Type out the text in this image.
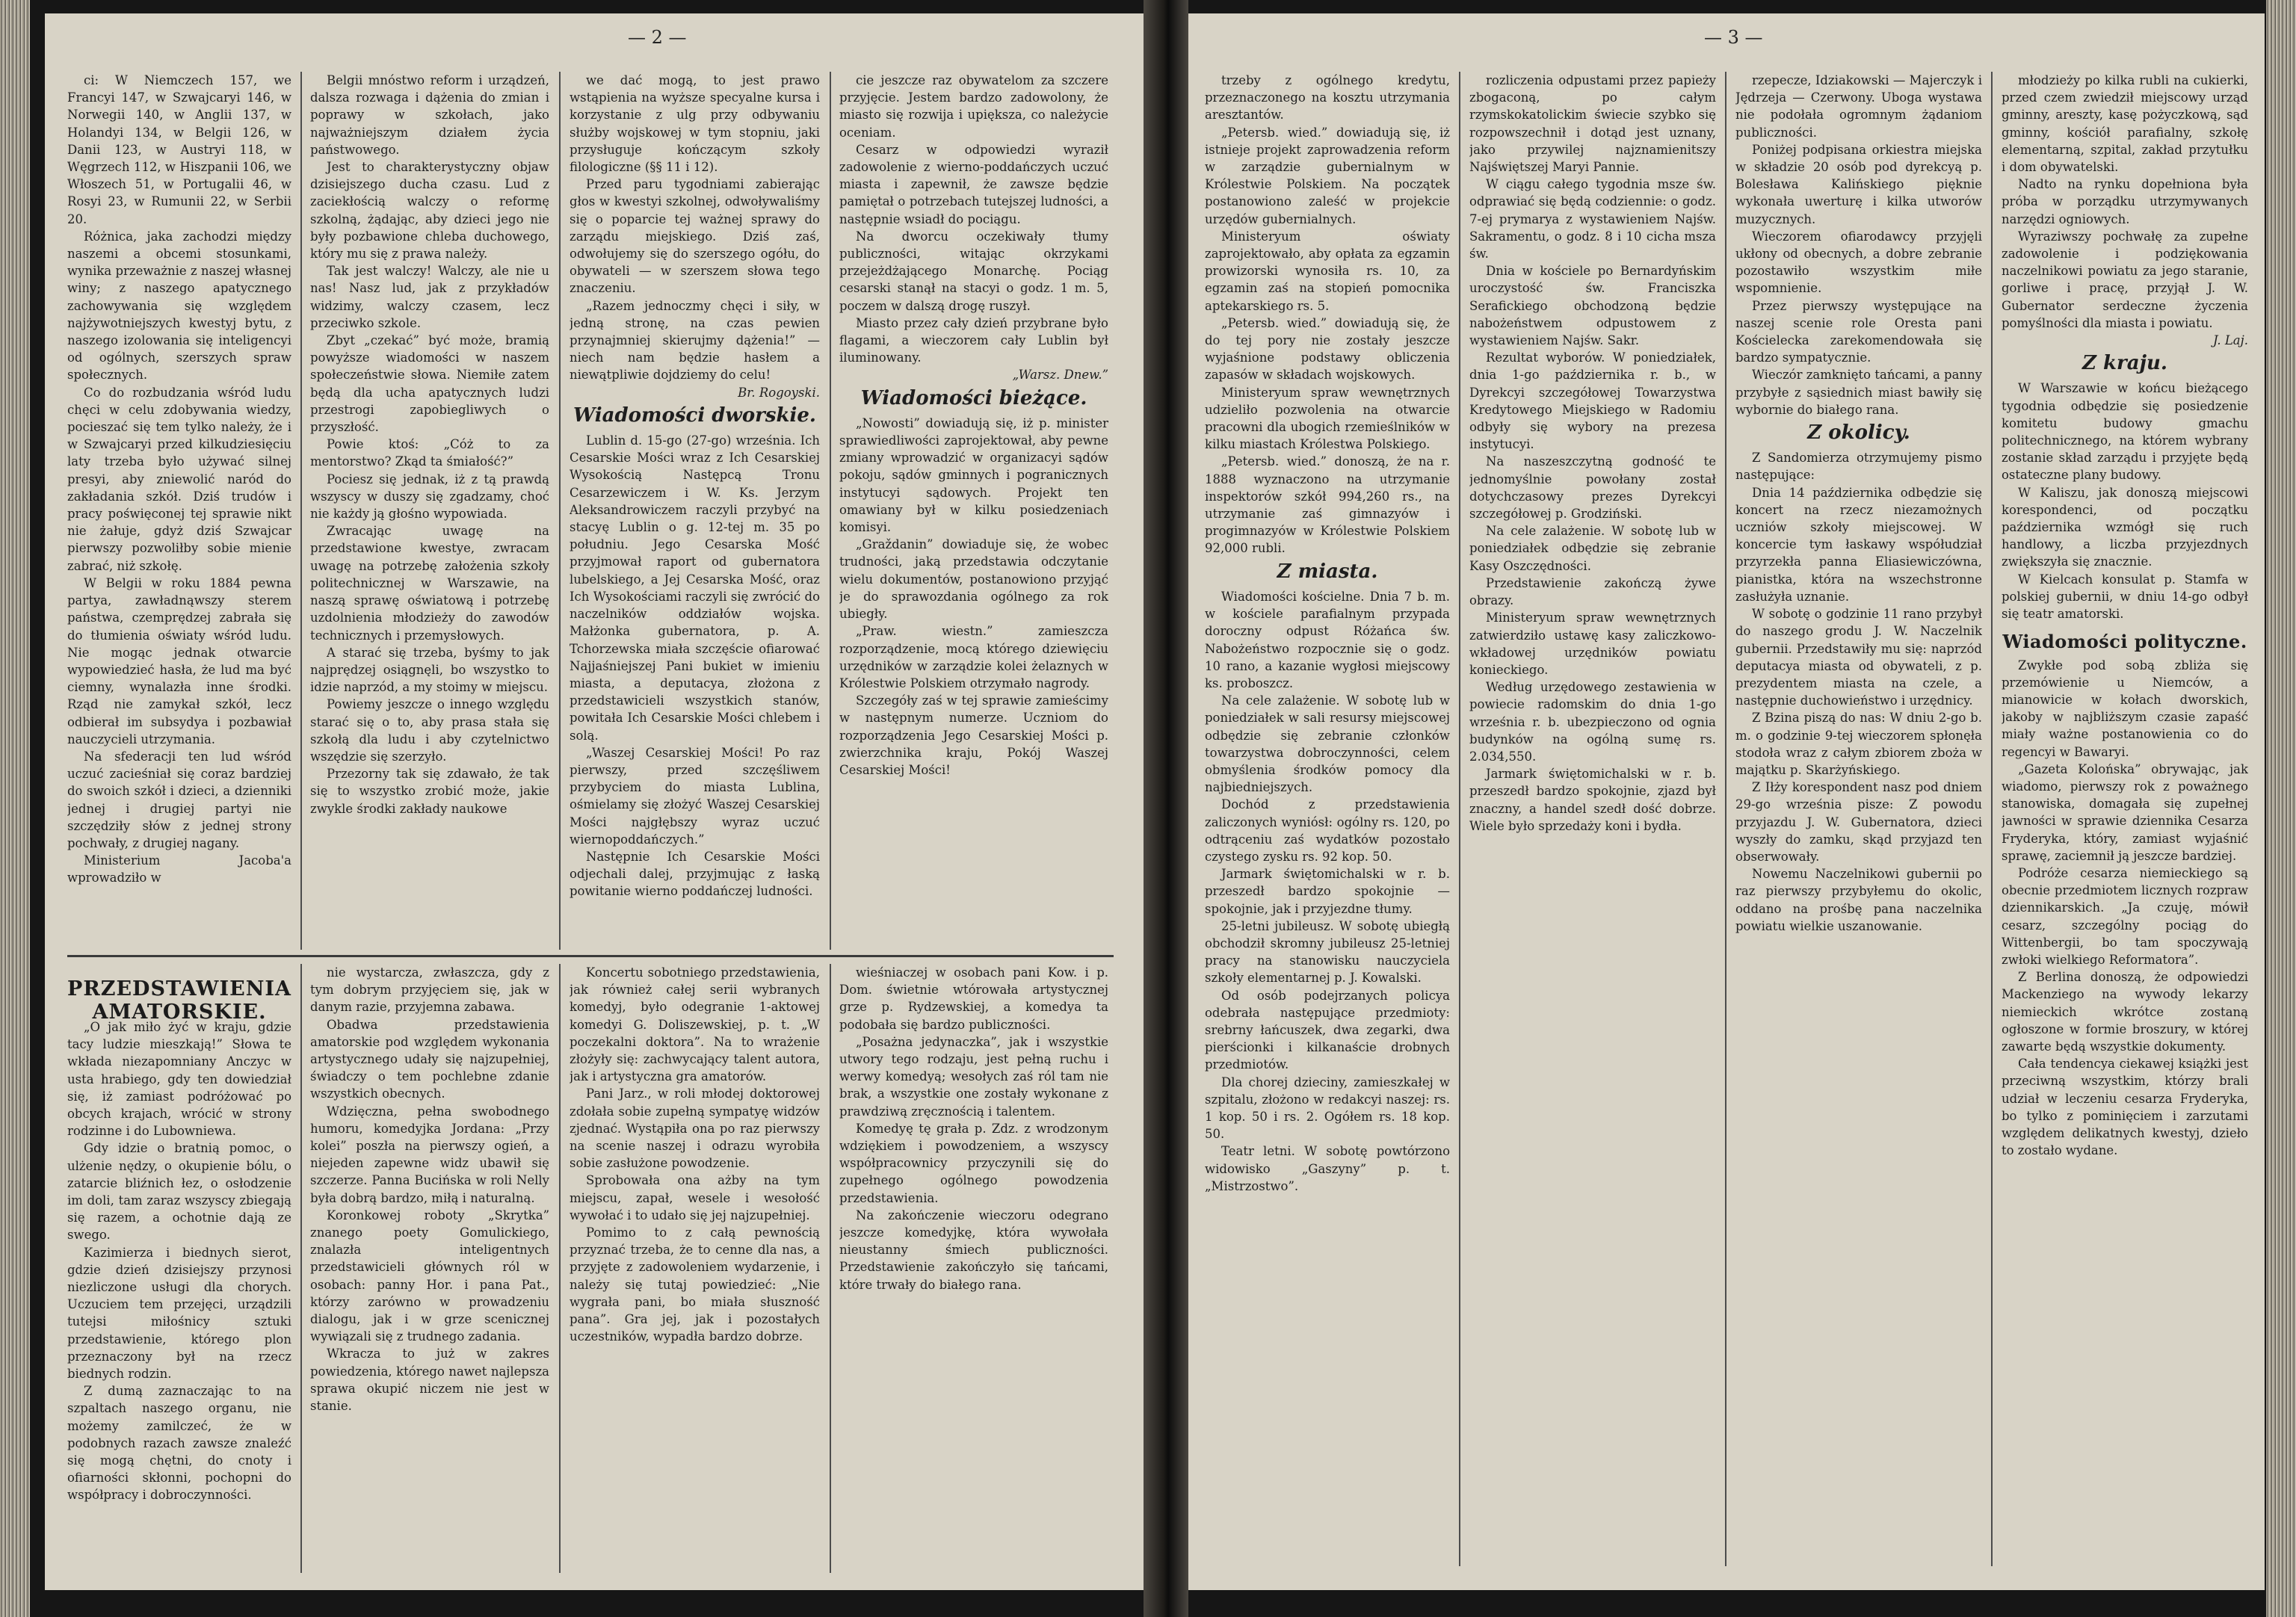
— 2 —

ci: W Niemczech 157, we Francyi 147, w Szwajcaryi 146, w Norwegii 140, w Anglii 137, w Holandyi 134, w Belgii 126, w Danii 123, w Austryi 118, w Węgrzech 112, w Hiszpanii 106, we Włoszech 51, w Portugalii 46, w Rosyi 23, w Rumunii 22, w Serbii 20.

Różnica, jaka zachodzi między naszemi a obcemi stosunkami, wynika przeważnie z naszej własnej winy; z naszego apatycznego zachowywania się względem najżywotniejszych kwestyj bytu, z naszego izolowania się inteligencyi od ogólnych, szerszych spraw społecznych.

Co do rozbudzania wśród ludu chęci w celu zdobywania wiedzy, pocieszać się tem tylko należy, że i w Szwajcaryi przed kilkudziesięciu laty trzeba było używać silnej presyi, aby zniewolić naród do zakładania szkół. Dziś trudów i pracy poświęconej tej sprawie nikt nie żałuje, gdyż dziś Szwajcar pierwszy pozwoliłby sobie mienie zabrać, niż szkołę.

W Belgii w roku 1884 pewna partya, zawładnąwszy sterem państwa, czemprędzej zabrała się do tłumienia oświaty wśród ludu. Nie mogąc jednak otwarcie wypowiedzieć hasła, że lud ma być ciemny, wynalazła inne środki. Rząd nie zamykał szkół, lecz odbierał im subsydya i pozbawiał nauczycieli utrzymania.

Na sfederacji ten lud wśród uczuć zacieśniał się coraz bardziej do swoich szkół i dzieci, a dzienniki jednej i drugiej partyi nie szczędziły słów z jednej strony pochwały, z drugiej nagany.

Ministerium Jacoba'a wprowadziło w

Belgii mnóstwo reform i urządzeń, dalsza rozwaga i dążenia do zmian i poprawy w szkołach, jako najważniejszym działem życia państwowego.

Jest to charakterystyczny objaw dzisiejszego ducha czasu. Lud z zaciekłością walczy o reformę szkolną, żądając, aby dzieci jego nie były pozbawione chleba duchowego, który mu się z prawa należy.

Tak jest walczy! Walczy, ale nie u nas! Nasz lud, jak z przykładów widzimy, walczy czasem, lecz przeciwko szkole.

Zbyt „czekać” być może, bramią powyższe wiadomości w naszem społeczeństwie słowa. Niemiłe zatem będą dla ucha apatycznych ludzi przestrogi zapobiegliwych o przyszłość.

Powie ktoś: „Cóż to za mentorstwo? Zkąd ta śmiałość?”

Pociesz się jednak, iż z tą prawdą wszyscy w duszy się zgadzamy, choć nie każdy ją głośno wypowiada.

Zwracając uwagę na przedstawione kwestye, zwracam uwagę na potrzebę założenia szkoły politechnicznej w Warszawie, na naszą sprawę oświatową i potrzebę uzdolnienia młodzieży do zawodów technicznych i przemysłowych.

A starać się trzeba, byśmy to jak najprędzej osiągnęli, bo wszystko to idzie naprzód, a my stoimy w miejscu.

Powiemy jeszcze o innego względu starać się o to, aby prasa stała się szkołą dla ludu i aby czytelnictwo wszędzie się szerzyło.

Przezorny tak się zdawało, że tak się to wszystko zrobić może, jakie zwykle środki zakłady naukowe

we dać mogą, to jest prawo wstąpienia na wyższe specyalne kursa i korzystanie z ulg przy odbywaniu służby wojskowej w tym stopniu, jaki przysługuje kończącym szkoły filologiczne (§§ 11 i 12).

Przed paru tygodniami zabierając głos w kwestyi szkolnej, odwoływaliśmy się o poparcie tej ważnej sprawy do zarządu miejskiego. Dziś zaś, odwołujemy się do szerszego ogółu, do obywateli — w szerszem słowa tego znaczeniu.

„Razem jednoczmy chęci i siły, w jedną stronę, na czas pewien przynajmniej skierujmy dążenia!” — niech nam będzie hasłem a niewątpliwie dojdziemy do celu!

Br. Rogoyski.

Wiadomości dworskie.

Lublin d. 15-go (27-go) września. Ich Cesarskie Mości wraz z Ich Cesarskiej Wysokością Następcą Tronu Cesarzewiczem i W. Ks. Jerzym Aleksandrowiczem raczyli przybyć na stacyę Lublin o g. 12-tej m. 35 po południu. Jego Cesarska Mość przyjmował raport od gubernatora lubelskiego, a Jej Cesarska Mość, oraz Ich Wysokościami raczyli się zwrócić do naczelników oddziałów wojska. Małżonka gubernatora, p. A. Tchorzewska miała szczęście ofiarować Najjaśniejszej Pani bukiet w imieniu miasta, a deputacya, złożona z przedstawicieli wszystkich stanów, powitała Ich Cesarskie Mości chlebem i solą.

„Waszej Cesarskiej Mości! Po raz pierwszy, przed szczęśliwem przybyciem do miasta Lublina, ośmielamy się złożyć Waszej Cesarskiej Mości najgłębszy wyraz uczuć wiernopoddańczych.”

Następnie Ich Cesarskie Mości odjechali dalej, przyjmując z łaską powitanie wierno poddańczej ludności.

cie jeszcze raz obywatelom za szczere przyjęcie. Jestem bardzo zadowolony, że miasto się rozwija i upiększa, co należycie oceniam.

Cesarz w odpowiedzi wyraził zadowolenie z wierno-poddańczych uczuć miasta i zapewnił, że zawsze będzie pamiętał o potrzebach tutejszej ludności, a następnie wsiadł do pociągu.

Na dworcu oczekiwały tłumy publiczności, witając okrzykami przejeżdżającego Monarchę. Pociąg cesarski stanął na stacyi o godz. 1 m. 5, poczem w dalszą drogę ruszył.

Miasto przez cały dzień przybrane było flagami, a wieczorem cały Lublin był iluminowany.

„Warsz. Dnew.”

Wiadomości bieżące.

„Nowosti” dowiadują się, iż p. minister sprawiedliwości zaprojektował, aby pewne zmiany wprowadzić w organizacyi sądów pokoju, sądów gminnych i pogranicznych instytucyi sądowych. Projekt ten omawiany był w kilku posiedzeniach komisyi.

„Graždanin” dowiaduje się, że wobec trudności, jaką przedstawia odczytanie wielu dokumentów, postanowiono przyjąć je do sprawozdania ogólnego za rok ubiegły.

„Praw. wiestn.” zamieszcza rozporządzenie, mocą którego dziewięciu urzędników w zarządzie kolei żelaznych w Królestwie Polskiem otrzymało nagrody.

Szczegóły zaś w tej sprawie zamieścimy w następnym numerze. Uczniom do rozporządzenia Jego Cesarskiej Mości p. zwierzchnika kraju, Pokój Waszej Cesarskiej Mości!

PRZEDSTAWIENIA AMATORSKIE.

„O jak miło żyć w kraju, gdzie tacy ludzie mieszkają!” Słowa te wkłada niezapomniany Anczyc w usta hrabiego, gdy ten dowiedział się, iż zamiast podróżować po obcych krajach, wrócić w strony rodzinne i do Lubowniewa.

Gdy idzie o bratnią pomoc, o ulżenie nędzy, o okupienie bólu, o zatarcie bliźnich łez, o osłodzenie im doli, tam zaraz wszyscy zbiegają się razem, a ochotnie dają ze swego.

Kazimierza i biednych sierot, gdzie dzień dzisiejszy przynosi niezliczone usługi dla chorych. Uczuciem tem przejęci, urządzili tutejsi miłośnicy sztuki przedstawienie, którego plon przeznaczony był na rzecz biednych rodzin.

Z dumą zaznaczając to na szpaltach naszego organu, nie możemy zamilczeć, że w podobnych razach zawsze znaleźć się mogą chętni, do cnoty i ofiarności skłonni, pochopni do współpracy i dobroczynności.

nie wystarcza, zwłaszcza, gdy z tym dobrym przyjęciem się, jak w danym razie, przyjemna zabawa.

Obadwa przedstawienia amatorskie pod względem wykonania artystycznego udały się najzupełniej, świadczy o tem pochlebne zdanie wszystkich obecnych.

Wdzięczna, pełna swobodnego humoru, komedyjka Jordana: „Przy kolei” poszła na pierwszy ogień, a niejeden zapewne widz ubawił się szczerze. Panna Bucińska w roli Nelly była dobrą bardzo, miłą i naturalną.

Koronkowej roboty „Skrytka” znanego poety Gomulickiego, znalazła inteligentnych przedstawicieli głównych ról w osobach: panny Hor. i pana Pat., którzy zarówno w prowadzeniu dialogu, jak i w grze scenicznej wywiązali się z trudnego zadania.

Wkracza to już w zakres powiedzenia, którego nawet najlepsza sprawa okupić niczem nie jest w stanie.

Koncertu sobotniego przedstawienia, jak również całej serii wybranych komedyj, było odegranie 1-aktowej komedyi G. Doliszewskiej, p. t. „W poczekalni doktora”. Na to wrażenie złożyły się: zachwycający talent autora, jak i artystyczna gra amatorów.

Pani Jarz., w roli młodej doktorowej zdołała sobie zupełną sympatyę widzów zjednać. Wystąpiła ona po raz pierwszy na scenie naszej i odrazu wyrobiła sobie zasłużone powodzenie.

Sprobowała ona ażby na tym miejscu, zapał, wesele i wesołość wywołać i to udało się jej najzupełniej.

Pomimo to z całą pewnością przyznać trzeba, że to cenne dla nas, a przyjęte z zadowoleniem wydarzenie, i należy się tutaj powiedzieć: „Nie wygrała pani, bo miała słuszność pana”. Gra jej, jak i pozostałych uczestników, wypadła bardzo dobrze.

wieśniaczej w osobach pani Kow. i p. Dom. świetnie wtórowała artystycznej grze p. Rydzewskiej, a komedya ta podobała się bardzo publiczności.

„Posażna jedynaczka”, jak i wszystkie utwory tego rodzaju, jest pełną ruchu i werwy komedyą; wesołych zaś ról tam nie brak, a wszystkie one zostały wykonane z prawdziwą zręcznością i talentem.

Komedyę tę grała p. Zdz. z wrodzonym wdziękiem i powodzeniem, a wszyscy współpracownicy przyczynili się do zupełnego ogólnego powodzenia przedstawienia.

Na zakończenie wieczoru odegrano jeszcze komedyjkę, która wywołała nieustanny śmiech publiczności. Przedstawienie zakończyło się tańcami, które trwały do białego rana.

— 3 —

trzeby z ogólnego kredytu, przeznaczonego na kosztu utrzymania aresztantów.

„Petersb. wied.” dowiadują się, iż istnieje projekt zaprowadzenia reform w zarządzie gubernialnym w Królestwie Polskiem. Na początek postanowiono zaleść w projekcie urzędów gubernialnych.

Ministeryum oświaty zaprojektowało, aby opłata za egzamin prowizorski wynosiła rs. 10, za egzamin zaś na stopień pomocnika aptekarskiego rs. 5.

„Petersb. wied.” dowiadują się, że do tej pory nie zostały jeszcze wyjaśnione podstawy obliczenia zapasów w składach wojskowych.

Ministeryum spraw wewnętrznych udzieliło pozwolenia na otwarcie pracowni dla ubogich rzemieślników w kilku miastach Królestwa Polskiego.

„Petersb. wied.” donoszą, że na r. 1888 wyznaczono na utrzymanie inspektorów szkół 994,260 rs., na utrzymanie zaś gimnazyów i progimnazyów w Królestwie Polskiem 92,000 rubli.

Z miasta.

Wiadomości kościelne. Dnia 7 b. m. w kościele parafialnym przypada doroczny odpust Różańca św. Nabożeństwo rozpocznie się o godz. 10 rano, a kazanie wygłosi miejscowy ks. proboszcz.

Na cele zalażenie. W sobotę lub w poniedziałek w sali resursy miejscowej odbędzie się zebranie członków towarzystwa dobroczynności, celem obmyślenia środków pomocy dla najbiedniejszych.

Dochód z przedstawienia zaliczonych wyniósł: ogólny rs. 120, po odtrąceniu zaś wydatków pozostało czystego zysku rs. 92 kop. 50.

Jarmark świętomichalski w r. b. przeszedł bardzo spokojnie — spokojnie, jak i przyjezdne tłumy.

25-letni jubileusz. W sobotę ubiegłą obchodził skromny jubileusz 25-letniej pracy na stanowisku nauczyciela szkoły elementarnej p. J. Kowalski.

Od osób podejrzanych policya odebrała następujące przedmioty: srebrny łańcuszek, dwa zegarki, dwa pierścionki i kilkanaście drobnych przedmiotów.

Dla chorej dzieciny, zamieszkałej w szpitalu, złożono w redakcyi naszej: rs. 1 kop. 50 i rs. 2. Ogółem rs. 18 kop. 50.

Teatr letni. W sobotę powtórzono widowisko „Gaszyny” p. t. „Mistrzostwo”.

rozliczenia odpustami przez papieży zbogaconą, po całym rzymskokatolickim świecie szybko się rozpowszechnił i dotąd jest uznany, jako przywilej najznamienitszy Najświętszej Maryi Pannie.

W ciągu całego tygodnia msze św. odprawiać się będą codziennie: o godz. 7-ej prymarya z wystawieniem Najśw. Sakramentu, o godz. 8 i 10 cicha msza św.

Dnia w kościele po Bernardyńskim uroczystość św. Franciszka Serafickiego obchodzoną będzie nabożeństwem odpustowem z wystawieniem Najśw. Sakr.

Rezultat wyborów. W poniedziałek, dnia 1-go października r. b., w Dyrekcyi szczegółowej Towarzystwa Kredytowego Miejskiego w Radomiu odbyły się wybory na prezesa instytucyi.

Na naszeszczytną godność te jednomyślnie powołany został dotychczasowy prezes Dyrekcyi szczegółowej p. Grodziński.

Na cele zalażenie. W sobotę lub w poniedziałek odbędzie się zebranie Kasy Oszczędności.

Przedstawienie zakończą żywe obrazy.

Ministeryum spraw wewnętrznych zatwierdziło ustawę kasy zaliczkowo-wkładowej urzędników powiatu konieckiego.

Według urzędowego zestawienia w powiecie radomskim do dnia 1-go września r. b. ubezpieczono od ognia budynków na ogólną sumę rs. 2.034,550.

Jarmark świętomichalski w r. b. przeszedł bardzo spokojnie, zjazd był znaczny, a handel szedł dość dobrze. Wiele było sprzedaży koni i bydła.

rzepecze, Idziakowski — Majerczyk i Jędrzeja — Czerwony. Uboga wystawa nie podołała ogromnym żądaniom publiczności.

Poniżej podpisana orkiestra miejska w składzie 20 osób pod dyrekcyą p. Bolesława Kalińskiego pięknie wykonała uwerturę i kilka utworów muzycznych.

Wieczorem ofiarodawcy przyjęli ukłony od obecnych, a dobre zebranie pozostawiło wszystkim miłe wspomnienie.

Przez pierwszy występujące na naszej scenie role Oresta pani Kościelecka zarekomendowała się bardzo sympatycznie.

Wieczór zamknięto tańcami, a panny przybyłe z sąsiednich miast bawiły się wybornie do białego rana.

Z okolicy.

Z Sandomierza otrzymujemy pismo następujące:

Dnia 14 października odbędzie się koncert na rzecz niezamożnych uczniów szkoły miejscowej. W koncercie tym łaskawy współudział przyrzekła panna Eliasiewiczówna, pianistka, która na wszechstronne zasłużyła uznanie.

W sobotę o godzinie 11 rano przybył do naszego grodu J. W. Naczelnik gubernii. Przedstawiły mu się: naprzód deputacya miasta od obywateli, z p. prezydentem miasta na czele, a następnie duchowieństwo i urzędnicy.

Z Bzina piszą do nas: W dniu 2-go b. m. o godzinie 9-tej wieczorem spłonęła stodoła wraz z całym zbiorem zboża w majątku p. Skarżyńskiego.

Z Iłży korespondent nasz pod dniem 29-go września pisze: Z powodu przyjazdu J. W. Gubernatora, dzieci wyszły do zamku, skąd przyjazd ten obserwowały.

Nowemu Naczelnikowi gubernii po raz pierwszy przybyłemu do okolic, oddano na prośbę pana naczelnika powiatu wielkie uszanowanie.

młodzieży po kilka rubli na cukierki, przed czem zwiedził miejscowy urząd gminny, areszty, kasę pożyczkową, sąd gminny, kościół parafialny, szkołę elementarną, szpital, zakład przytułku i dom obywatelski.

Nadto na rynku dopełniona była próba w porządku utrzymywanych narzędzi ogniowych.

Wyraziwszy pochwałę za zupełne zadowolenie i podziękowania naczelnikowi powiatu za jego staranie, gorliwe i pracę, przyjął J. W. Gubernator serdeczne życzenia pomyślności dla miasta i powiatu.

J. Laj.

Z kraju.

W Warszawie w końcu bieżącego tygodnia odbędzie się posiedzenie komitetu budowy gmachu politechnicznego, na którem wybrany zostanie skład zarządu i przyjęte będą ostateczne plany budowy.

W Kaliszu, jak donoszą miejscowi korespondenci, od początku października wzmógł się ruch handlowy, a liczba przyjezdnych zwiększyła się znacznie.

W Kielcach konsulat p. Stamfa w polskiej gubernii, w dniu 14-go odbył się teatr amatorski.

Wiadomości polityczne.

Zwykłe pod sobą zbliża się przemówienie u Niemców, a mianowicie w kołach dworskich, jakoby w najbliższym czasie zapaść miały ważne postanowienia co do regencyi w Bawaryi.

„Gazeta Kolońska” obrywając, jak wiadomo, pierwszy rok z poważnego stanowiska, domagała się zupełnej jawności w sprawie dziennika Cesarza Fryderyka, który, zamiast wyjaśnić sprawę, zaciemnił ją jeszcze bardziej.

Podróże cesarza niemieckiego są obecnie przedmiotem licznych rozpraw dziennikarskich. „Ja czuję, mówił cesarz, szczególny pociąg do Wittenbergii, bo tam spoczywają zwłoki wielkiego Reformatora”.

Z Berlina donoszą, że odpowiedzi Mackenziego na wywody lekarzy niemieckich wkrótce zostaną ogłoszone w formie broszury, w której zawarte będą wszystkie dokumenty.

Cała tendencya ciekawej książki jest przeciwną wszystkim, którzy brali udział w leczeniu cesarza Fryderyka, bo tylko z pominięciem i zarzutami względem delikatnych kwestyj, dzieło to zostało wydane.
